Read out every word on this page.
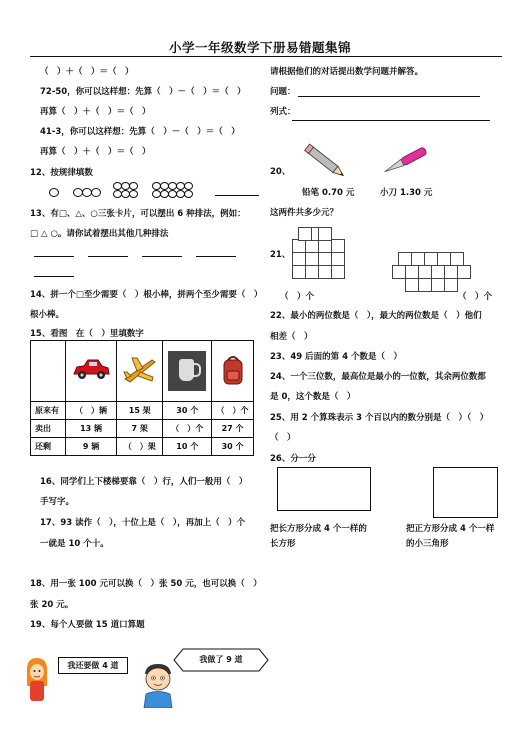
小学一年级数学下册易错题集锦
（　）＋（　）＝（　）
72-50，你可以这样想：先算（　）－（　）＝（　）
再算（　）＋（　）＝（　）
41-3，你可以这样想：先算（　）－（　）＝（　）
再算（　）＋（　）＝（　）
12、按规律填数
13、有□、△、○三张卡片，可以摆出 6 种排法，例如：
□ △ ○。请你试着摆出其他几种排法
14、拼一个□至少需要（　）根小棒，拼两个至少需要（　）
根小棒。
15、看图　在（　）里填数字

原来有	（　）辆	15 架	30 个	（　）个
卖出	13 辆	7 架	（　）个	27 个
还剩	9 辆	（　）架	10 个	30 个
16、同学们上下楼梯要靠（　）行，人们一般用（　）
手写字。
17、93 读作（　），十位上是（　），再加上（　）个
一就是 10 个十。
18、用一张 100 元可以换（　）张 50 元，也可以换（　）
张 20 元。
19、每个人要做 15 道口算题
我还要做 4 道
我做了 9 道
请根据他们的对话提出数学问题并解答。
问题：
列式：
20、
铅笔 0.70 元	小刀 1.30 元
这两件共多少元？
21、
（　）个	（　）个
22、最小的两位数是（　），最大的两位数是（　）他们
相差（　）
23、49 后面的第 4 个数是（　）
24、一个三位数，最高位是最小的一位数，其余两位数都
是 0，这个数是（　）
25、用 2 个算珠表示 3 个百以内的数分别是（　）（　）
（　）
26、分一分
把长方形分成 4 个一样的
长方形
把正方形分成 4 个一样
的小三角形
